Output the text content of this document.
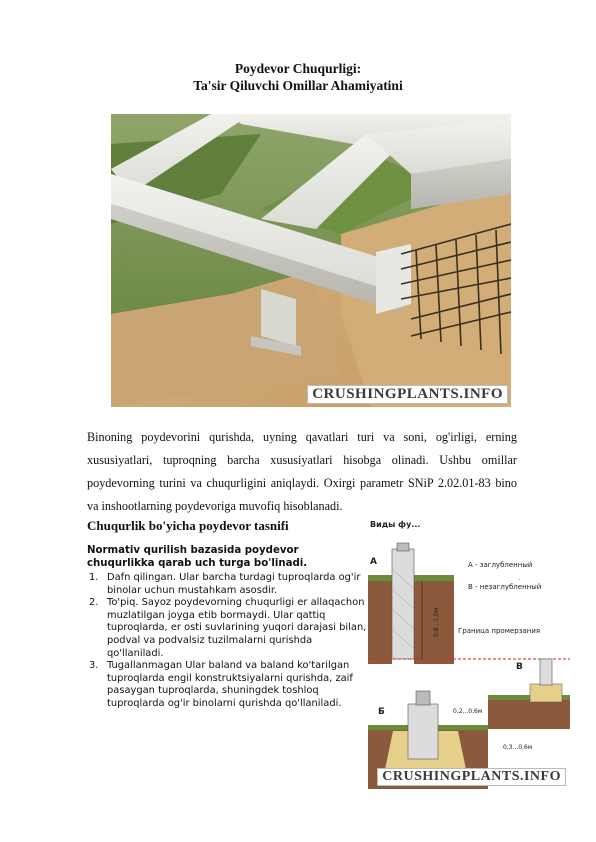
Poydevor Chuqurligi:
Ta'sir Qiluvchi Omillar Ahamiyatini
CRUSHINGPLANTS.INFO

Binoning poydevorini qurishda, uyning qavatlari turi va soni, og'irligi, erning xususiyatlari, tuproqning barcha xususiyatlari hisobga olinadi. Ushbu omillar poydevorning turini va chuqurligini aniqlaydi. Oxirgi parametr SNiP 2.02.01-83 bino va inshootlarning poydevoriga muvofiq hisoblanadi.

Chuqurlik bo'yicha poydevor tasnifi

Normativ qurilish bazasida poydevor chuqurlikka qarab uch turga bo'linadi.

1. Dafn qilingan. Ular barcha turdagi tuproqlarda og'ir binolar uchun mustahkam asosdir.
2. To'piq. Sayoz poydevorning chuqurligi er allaqachon muzlatilgan joyga etib bormaydi. Ular qattiq tuproqlarda, er osti suvlarining yuqori darajasi bilan, podval va podvalsiz tuzilmalarni qurishda qo'llaniladi.
3. Tugallanmagan Ular baland va baland ko'tarilgan tuproqlarda engil konstruktsiyalarni qurishda, zaif pasaygan tuproqlarda, shuningdek toshloq tuproqlarda og'ir binolarni qurishda qo'llaniladi.
Виды фу...
А	А - заглубленный
В - незаглубленный
0,8...1,0м	Граница промерзания
В
0,3...0,6м
Б	0,2...0,6м
CRUSHINGPLANTS.INFO
